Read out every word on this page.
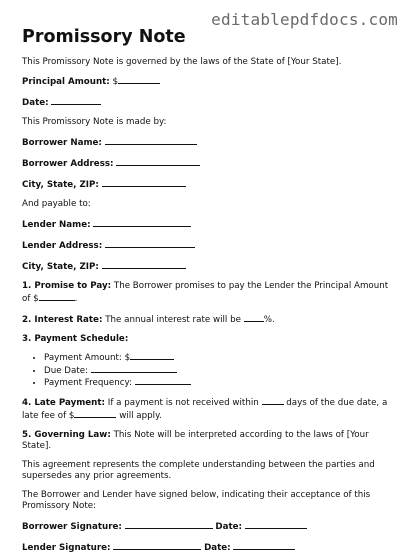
editablepdfdocs.com
Promissory Note

This Promissory Note is governed by the laws of the State of [Your State].

Principal Amount: $

Date:

This Promissory Note is made by:

Borrower Name:

Borrower Address:

City, State, ZIP:

And payable to:

Lender Name:

Lender Address:

City, State, ZIP:

1. Promise to Pay: The Borrower promises to pay the Lender the Principal Amount of $	.

2. Interest Rate: The annual interest rate will be	%.

3. Payment Schedule:

• Payment Amount: $
• Due Date:
• Payment Frequency:

4. Late Payment: If a payment is not received within	days of the due date, a late fee of $	will apply.

5. Governing Law: This Note will be interpreted according to the laws of [Your State].

This agreement represents the complete understanding between the parties and supersedes any prior agreements.

The Borrower and Lender have signed below, indicating their acceptance of this Promissory Note:

Borrower Signature:	Date:

Lender Signature:	Date:
